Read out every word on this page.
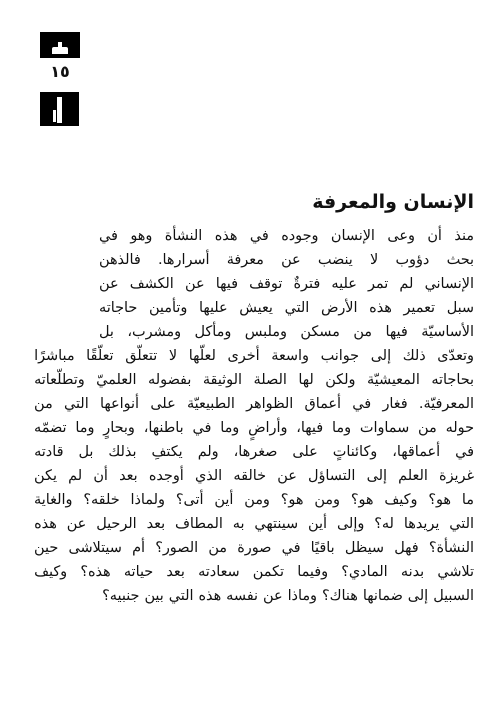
١٥
الإنسان والمعرفة
منذ
أن
وعى
الإنسان
وجوده
في
هذه
النشأة
وهو
في
بحث
دؤوب
لا
ينضب
عن
معرفة
أسرارها.
فالذهن
الإنساني
لم
تمر
عليه
فترةٌ
توقف
فيها
عن
الكشف
عن
سبل
تعمير
هذه
الأرض
التي
يعيش
عليها
وتأمين
حاجاته
الأساسيّة
فيها
من
مسكن
وملبس
ومأكل
ومشرب،
بل
وتعدّى
ذلك
إلى
جوانب
واسعة
أخرى
لعلّها
لا
تتعلّق
تعلّقًا
مباشرًا
بحاجاته
المعيشيّة
ولكن
لها
الصلة
الوثيقة
بفضوله
العلميّ
وتطلّعاته
المعرفيّة.
فغار
في
أعماق
الظواهر
الطبيعيّة
على
أنواعها
التي
من
حوله
من
سماوات
وما
فيها،
وأراضٍ
وما
في
باطنها،
وبحارٍ
وما
تضمّه
في
أعماقها،
وكائناتٍ
على
صغرها،
ولم
يكتفِ
بذلك
بل
قادته
غريزة
العلم
إلى
التساؤل
عن
خالقه
الذي
أوجده
بعد
أن
لم
يكن
ما
هو؟
وكيف
هو؟
ومن
هو؟
ومن
أين
أتى؟
ولماذا
خلقه؟
والغاية
التي
يريدها
له؟
وإلى
أين
سينتهي
به
المطاف
بعد
الرحيل
عن
هذه
النشأة؟
فهل
سيظل
باقيًا
في
صورة
من
الصور؟
أم
سيتلاشى
حين
تلاشي
بدنه
المادي؟
وفيما
تكمن
سعادته
بعد
حياته
هذه؟
وكيف
السبيل
إلى
ضمانها
هناك؟
وماذا
عن
نفسه
هذه
التي
بين
جنبيه؟
